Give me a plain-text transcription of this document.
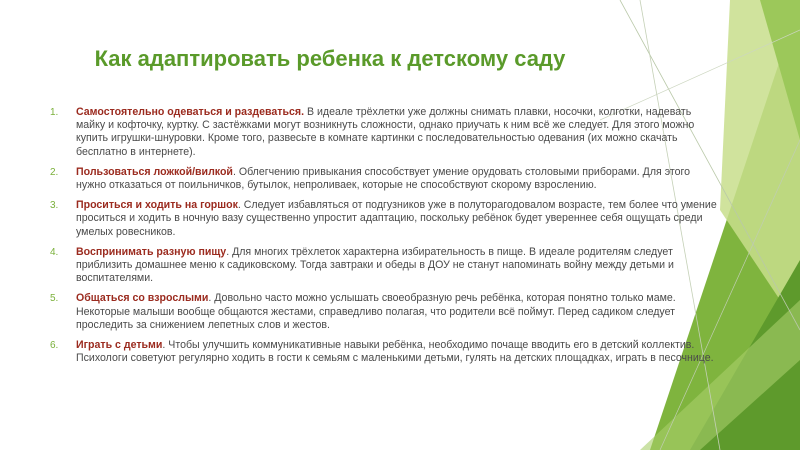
Как адаптировать ребенка к детскому саду
1. Самостоятельно одеваться и раздеваться. В идеале трёхлетки уже должны снимать плавки, носочки, колготки, надевать майку и кофточку, куртку. С застёжками могут возникнуть сложности, однако приучать к ним всё же следует. Для этого можно купить игрушки-шнуровки. Кроме того, развесьте в комнате картинки с последовательностью одевания (их можно скачать бесплатно в интернете).
2. Пользоваться ложкой/вилкой. Облегчению привыкания способствует умение орудовать столовыми приборами. Для этого нужно отказаться от поильничков, бутылок, непроливаек, которые не способствуют скорому взрослению.
3. Проситься и ходить на горшок. Следует избавляться от подгузников уже в полуторагодовалом возрасте, тем более что умение проситься и ходить в ночную вазу существенно упростит адаптацию, поскольку ребёнок будет увереннее себя ощущать среди умелых ровесников.
4. Воспринимать разную пищу. Для многих трёхлеток характерна избирательность в пище. В идеале родителям следует приблизить домашнее меню к садиковскому. Тогда завтраки и обеды в ДОУ не станут напоминать войну между детьми и воспитателями.
5. Общаться со взрослыми. Довольно часто можно услышать своеобразную речь ребёнка, которая понятно только маме. Некоторые малыши вообще общаются жестами, справедливо полагая, что родители всё поймут. Перед садиком следует проследить за снижением лепетных слов и жестов.
6. Играть с детьми. Чтобы улучшить коммуникативные навыки ребёнка, необходимо почаще вводить его в детский коллектив. Психологи советуют регулярно ходить в гости к семьям с маленькими детьми, гулять на детских площадках, играть в песочнице.
